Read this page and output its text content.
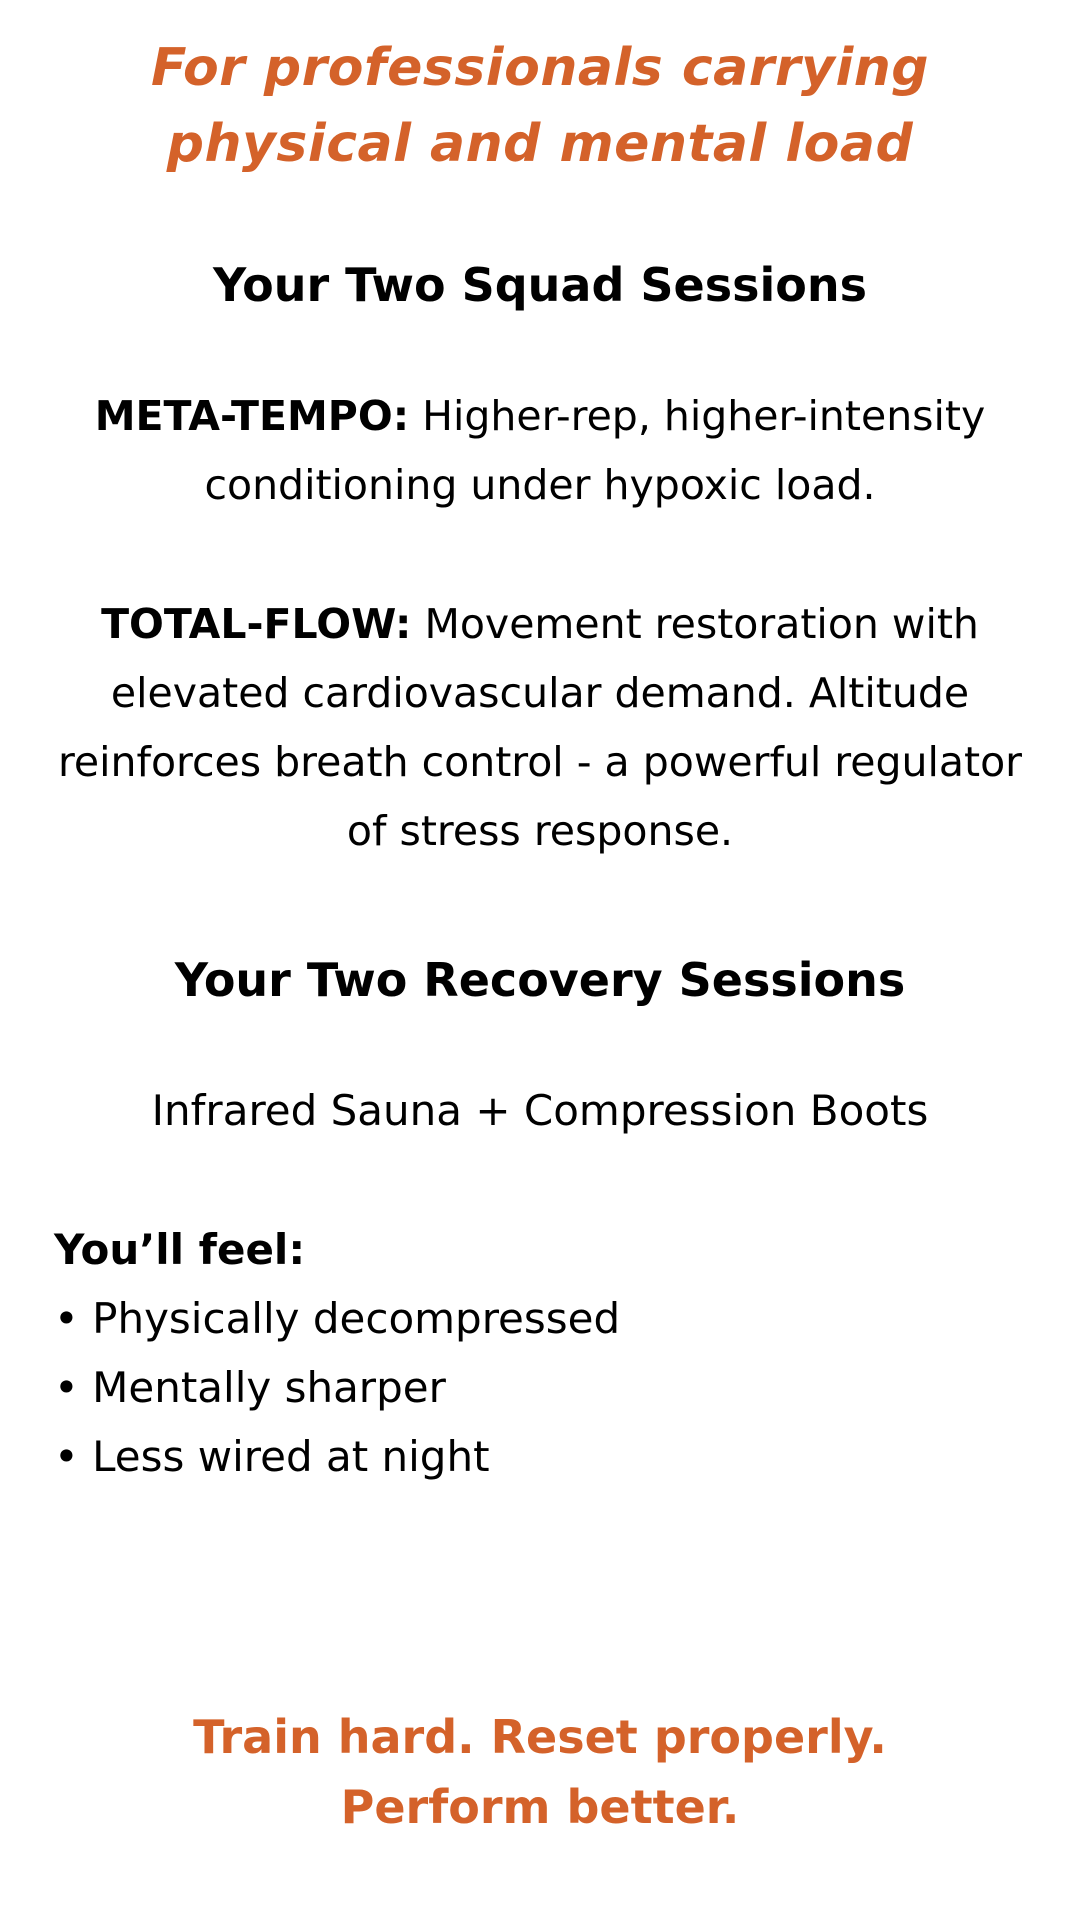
For professionals carrying
physical and mental load
Your Two Squad Sessions
META-TEMPO: Higher-rep, higher-intensity conditioning under hypoxic load.
TOTAL-FLOW: Movement restoration with elevated cardiovascular demand. Altitude reinforces breath control - a powerful regulator of stress response.
Your Two Recovery Sessions
Infrared Sauna + Compression Boots
You’ll feel:
• Physically decompressed
• Mentally sharper
• Less wired at night
Train hard. Reset properly.
Perform better.
